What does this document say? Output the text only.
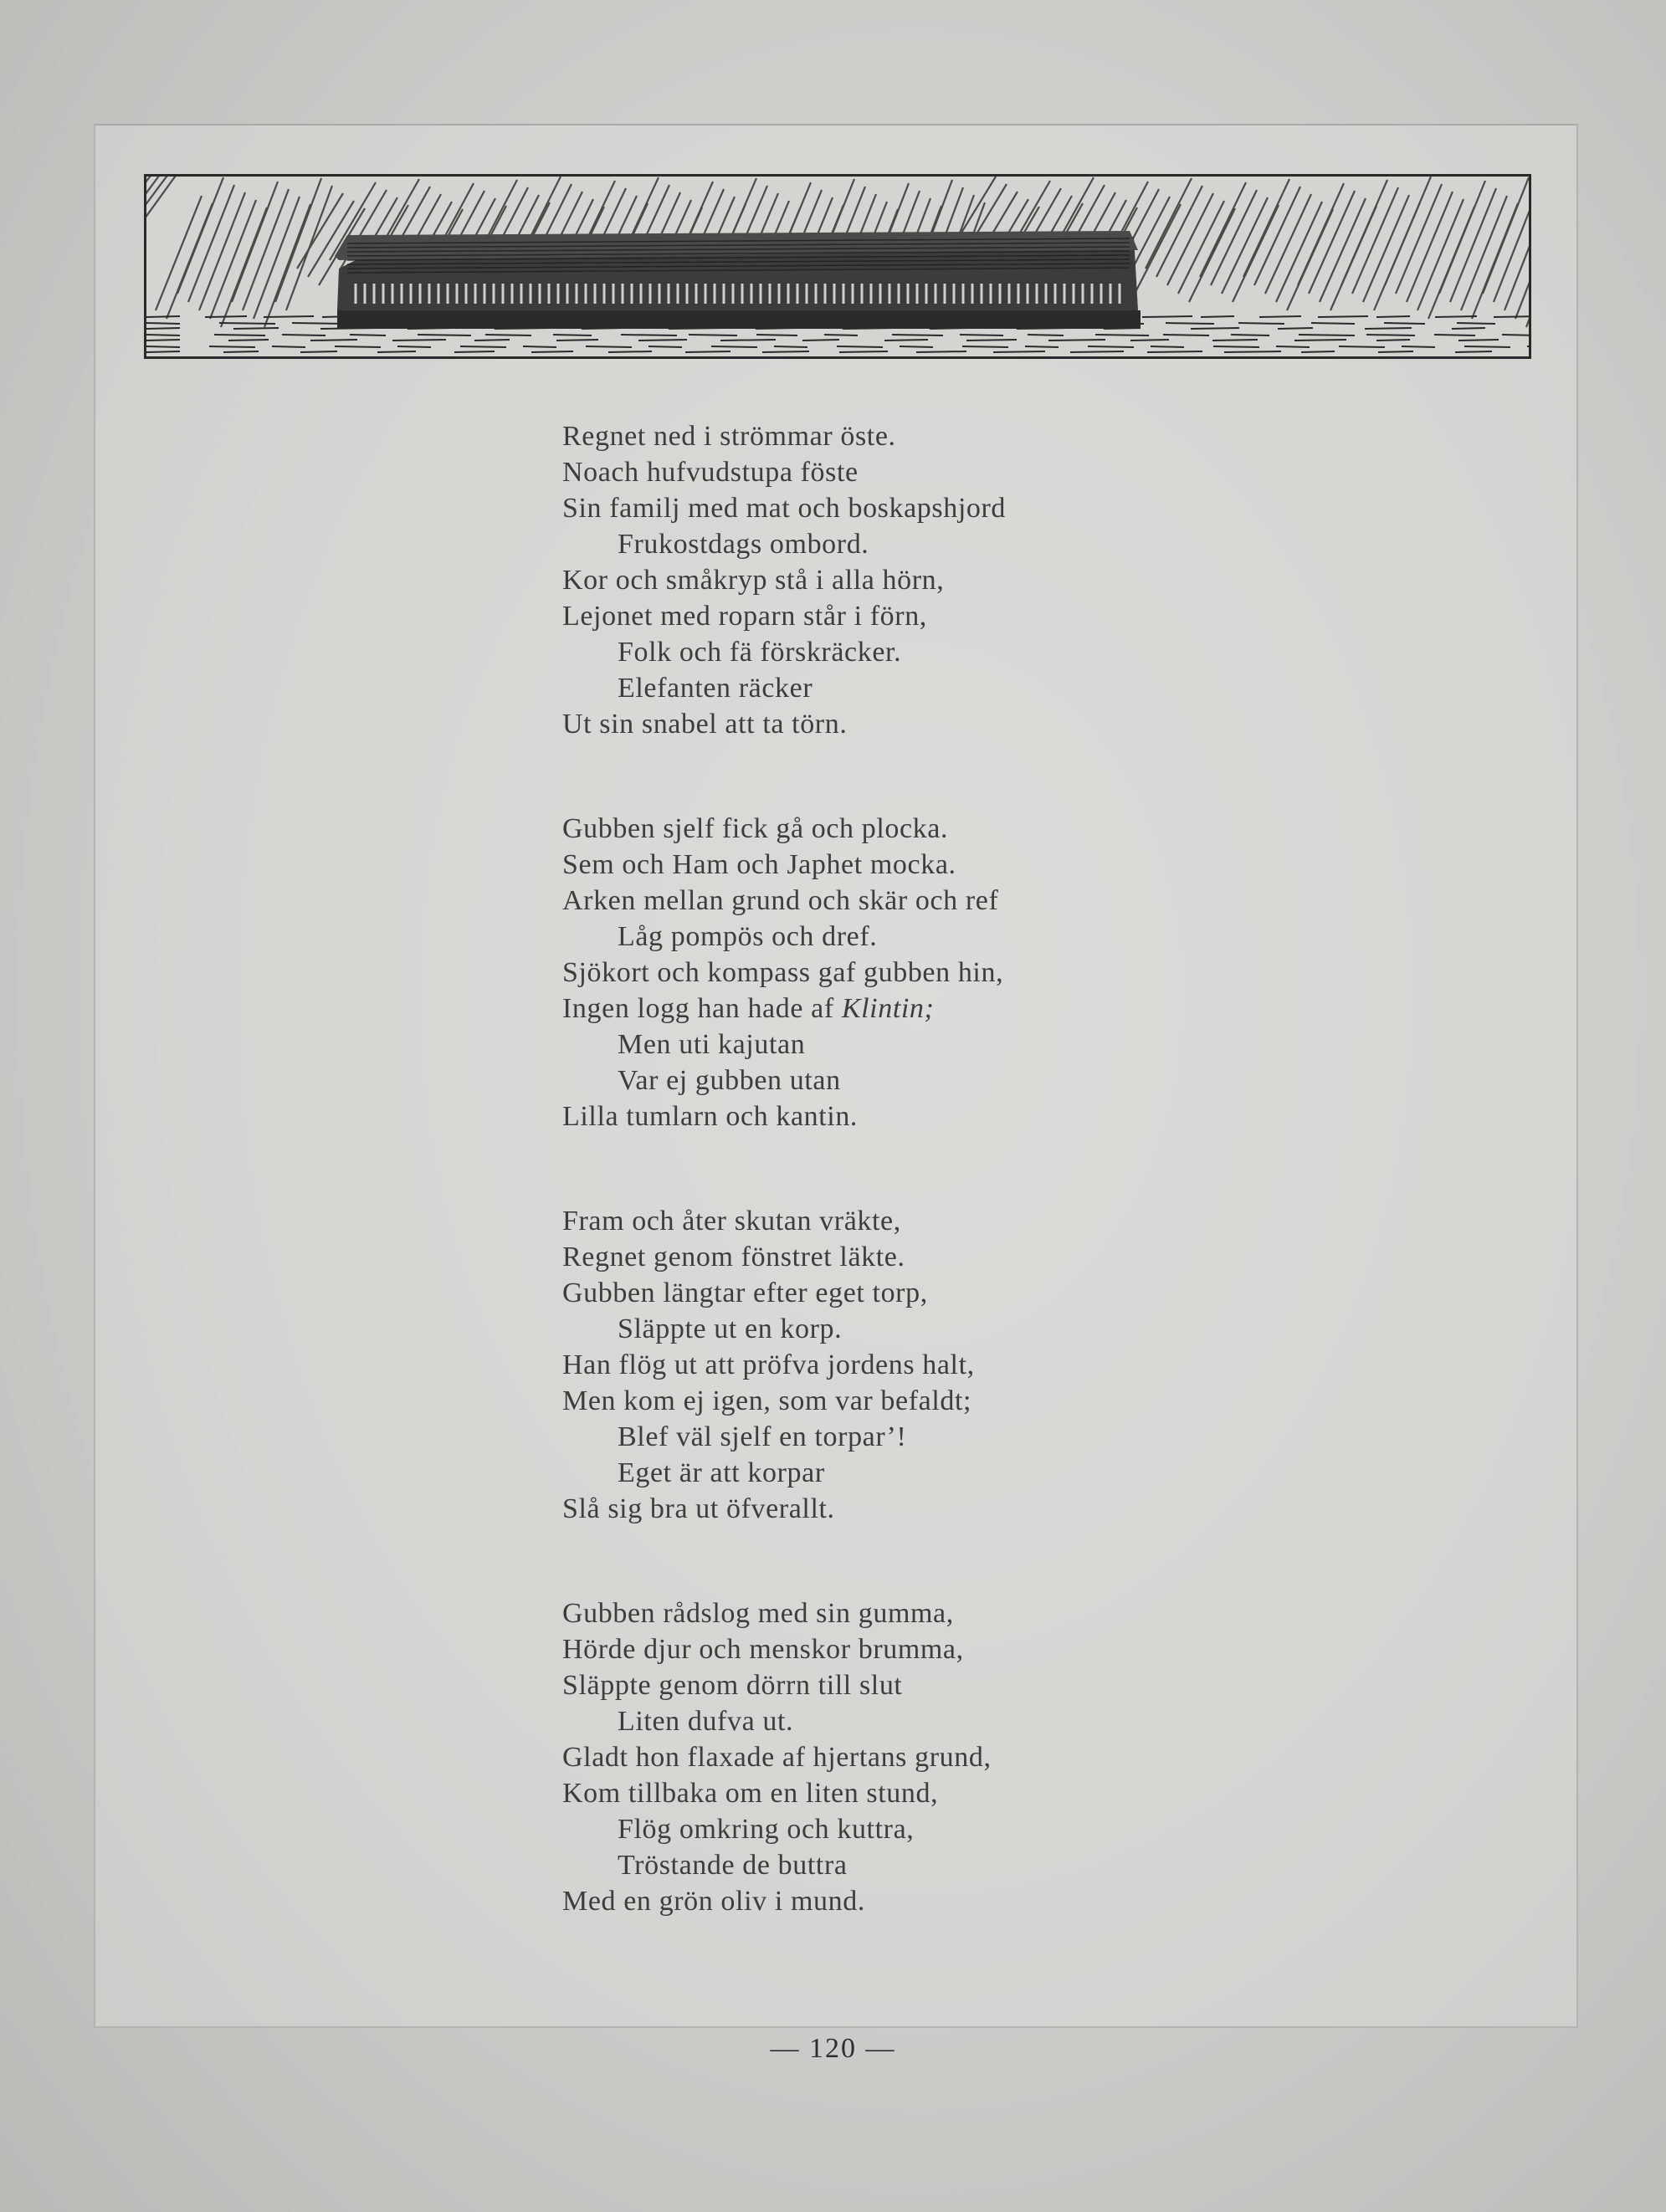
Regnet ned i strömmar öste.
Noach hufvudstupa föste
Sin familj med mat och boskapshjord
Frukostdags ombord.
Kor och småkryp stå i alla hörn,
Lejonet med roparn står i förn,
Folk och fä förskräcker.
Elefanten räcker
Ut sin snabel att ta törn.
Gubben sjelf fick gå och plocka.
Sem och Ham och Japhet mocka.
Arken mellan grund och skär och ref
Låg pompös och dref.
Sjökort och kompass gaf gubben hin,
Ingen logg han hade af Klintin;
Men uti kajutan
Var ej gubben utan
Lilla tumlarn och kantin.
Fram och åter skutan vräkte,
Regnet genom fönstret läkte.
Gubben längtar efter eget torp,
Släppte ut en korp.
Han flög ut att pröfva jordens halt,
Men kom ej igen, som var befaldt;
Blef väl sjelf en torpar’!
Eget är att korpar
Slå sig bra ut öfverallt.
Gubben rådslog med sin gumma,
Hörde djur och menskor brumma,
Släppte genom dörrn till slut
Liten dufva ut.
Gladt hon flaxade af hjertans grund,
Kom tillbaka om en liten stund,
Flög omkring och kuttra,
Tröstande de buttra
Med en grön oliv i mund.
— 120 —
